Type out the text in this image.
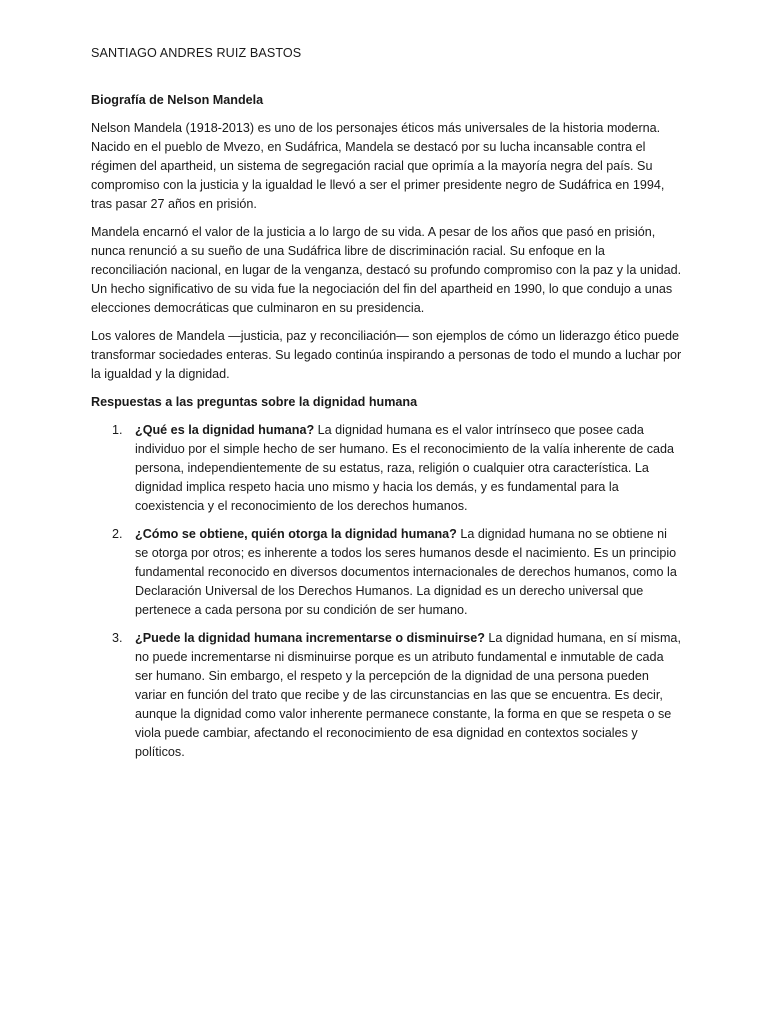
SANTIAGO ANDRES RUIZ BASTOS

Biografía de Nelson Mandela

Nelson Mandela (1918-2013) es uno de los personajes éticos más universales de la historia moderna. Nacido en el pueblo de Mvezo, en Sudáfrica, Mandela se destacó por su lucha incansable contra el régimen del apartheid, un sistema de segregación racial que oprimía a la mayoría negra del país. Su compromiso con la justicia y la igualdad le llevó a ser el primer presidente negro de Sudáfrica en 1994, tras pasar 27 años en prisión.

Mandela encarnó el valor de la justicia a lo largo de su vida. A pesar de los años que pasó en prisión, nunca renunció a su sueño de una Sudáfrica libre de discriminación racial. Su enfoque en la reconciliación nacional, en lugar de la venganza, destacó su profundo compromiso con la paz y la unidad. Un hecho significativo de su vida fue la negociación del fin del apartheid en 1990, lo que condujo a unas elecciones democráticas que culminaron en su presidencia.

Los valores de Mandela —justicia, paz y reconciliación— son ejemplos de cómo un liderazgo ético puede transformar sociedades enteras. Su legado continúa inspirando a personas de todo el mundo a luchar por la igualdad y la dignidad.

Respuestas a las preguntas sobre la dignidad humana

1. ¿Qué es la dignidad humana? La dignidad humana es el valor intrínseco que posee cada individuo por el simple hecho de ser humano. Es el reconocimiento de la valía inherente de cada persona, independientemente de su estatus, raza, religión o cualquier otra característica. La dignidad implica respeto hacia uno mismo y hacia los demás, y es fundamental para la coexistencia y el reconocimiento de los derechos humanos.
2. ¿Cómo se obtiene, quién otorga la dignidad humana? La dignidad humana no se obtiene ni se otorga por otros; es inherente a todos los seres humanos desde el nacimiento. Es un principio fundamental reconocido en diversos documentos internacionales de derechos humanos, como la Declaración Universal de los Derechos Humanos. La dignidad es un derecho universal que pertenece a cada persona por su condición de ser humano.
3. ¿Puede la dignidad humana incrementarse o disminuirse? La dignidad humana, en sí misma, no puede incrementarse ni disminuirse porque es un atributo fundamental e inmutable de cada ser humano. Sin embargo, el respeto y la percepción de la dignidad de una persona pueden variar en función del trato que recibe y de las circunstancias en las que se encuentra. Es decir, aunque la dignidad como valor inherente permanece constante, la forma en que se respeta o se viola puede cambiar, afectando el reconocimiento de esa dignidad en contextos sociales y políticos.
